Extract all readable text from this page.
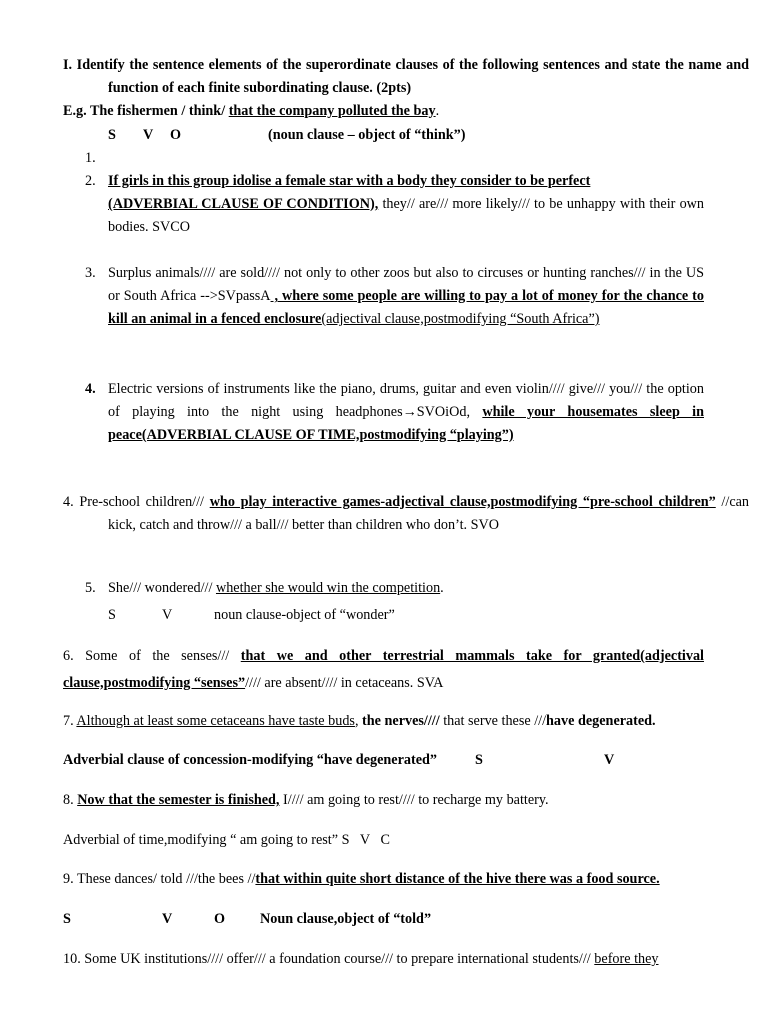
I. Identify the sentence elements of the superordinate clauses of the following sentences and state the name and function of each finite subordinating clause. (2pts)
E.g. The fishermen / think/ that the company polluted the bay.
S V O	(noun clause – object of “think”)
1.
2. If girls in this group idolise a female star with a body they consider to be perfect
(ADVERBIAL CLAUSE OF CONDITION), they// are/// more likely/// to be unhappy with their own bodies. SVCO
3. Surplus animals//// are sold//// not only to other zoos but also to circuses or hunting ranches/// in the US or South Africa -->SVpassA , where some people are willing to pay a lot of money for the chance to kill an animal in a fenced enclosure(adjectival clause,postmodifying “South Africa”)
4. Electric versions of instruments like the piano, drums, guitar and even violin//// give/// you/// the option of playing into the night using headphones→SVOiOd, while your housemates sleep in peace(ADVERBIAL CLAUSE OF TIME,postmodifying “playing”)
4. Pre-school children/// who play interactive games-adjectival clause,postmodifying “pre-school children” //can kick, catch and throw/// a ball/// better than children who don’t. SVO
5. She/// wondered/// whether she would win the competition.
S	V	noun clause-object of “wonder”
6. Some of the senses/// that we and other terrestrial mammals take for granted(adjectival clause,postmodifying “senses”//// are absent//// in cetaceans. SVA
7. Although at least some cetaceans have taste buds, the nerves//// that serve these ///have degenerated.
Adverbial clause of concession-modifying “have degenerated”	S	V
8. Now that the semester is finished, I//// am going to rest//// to recharge my battery.
Adverbial of time,modifying “ am going to rest” S   V   C
9. These dances/ told ///the bees //that within quite short distance of the hive there was a food source.
S	V	O Noun clause,object of “told”
10. Some UK institutions//// offer/// a foundation course/// to prepare international students/// before they
